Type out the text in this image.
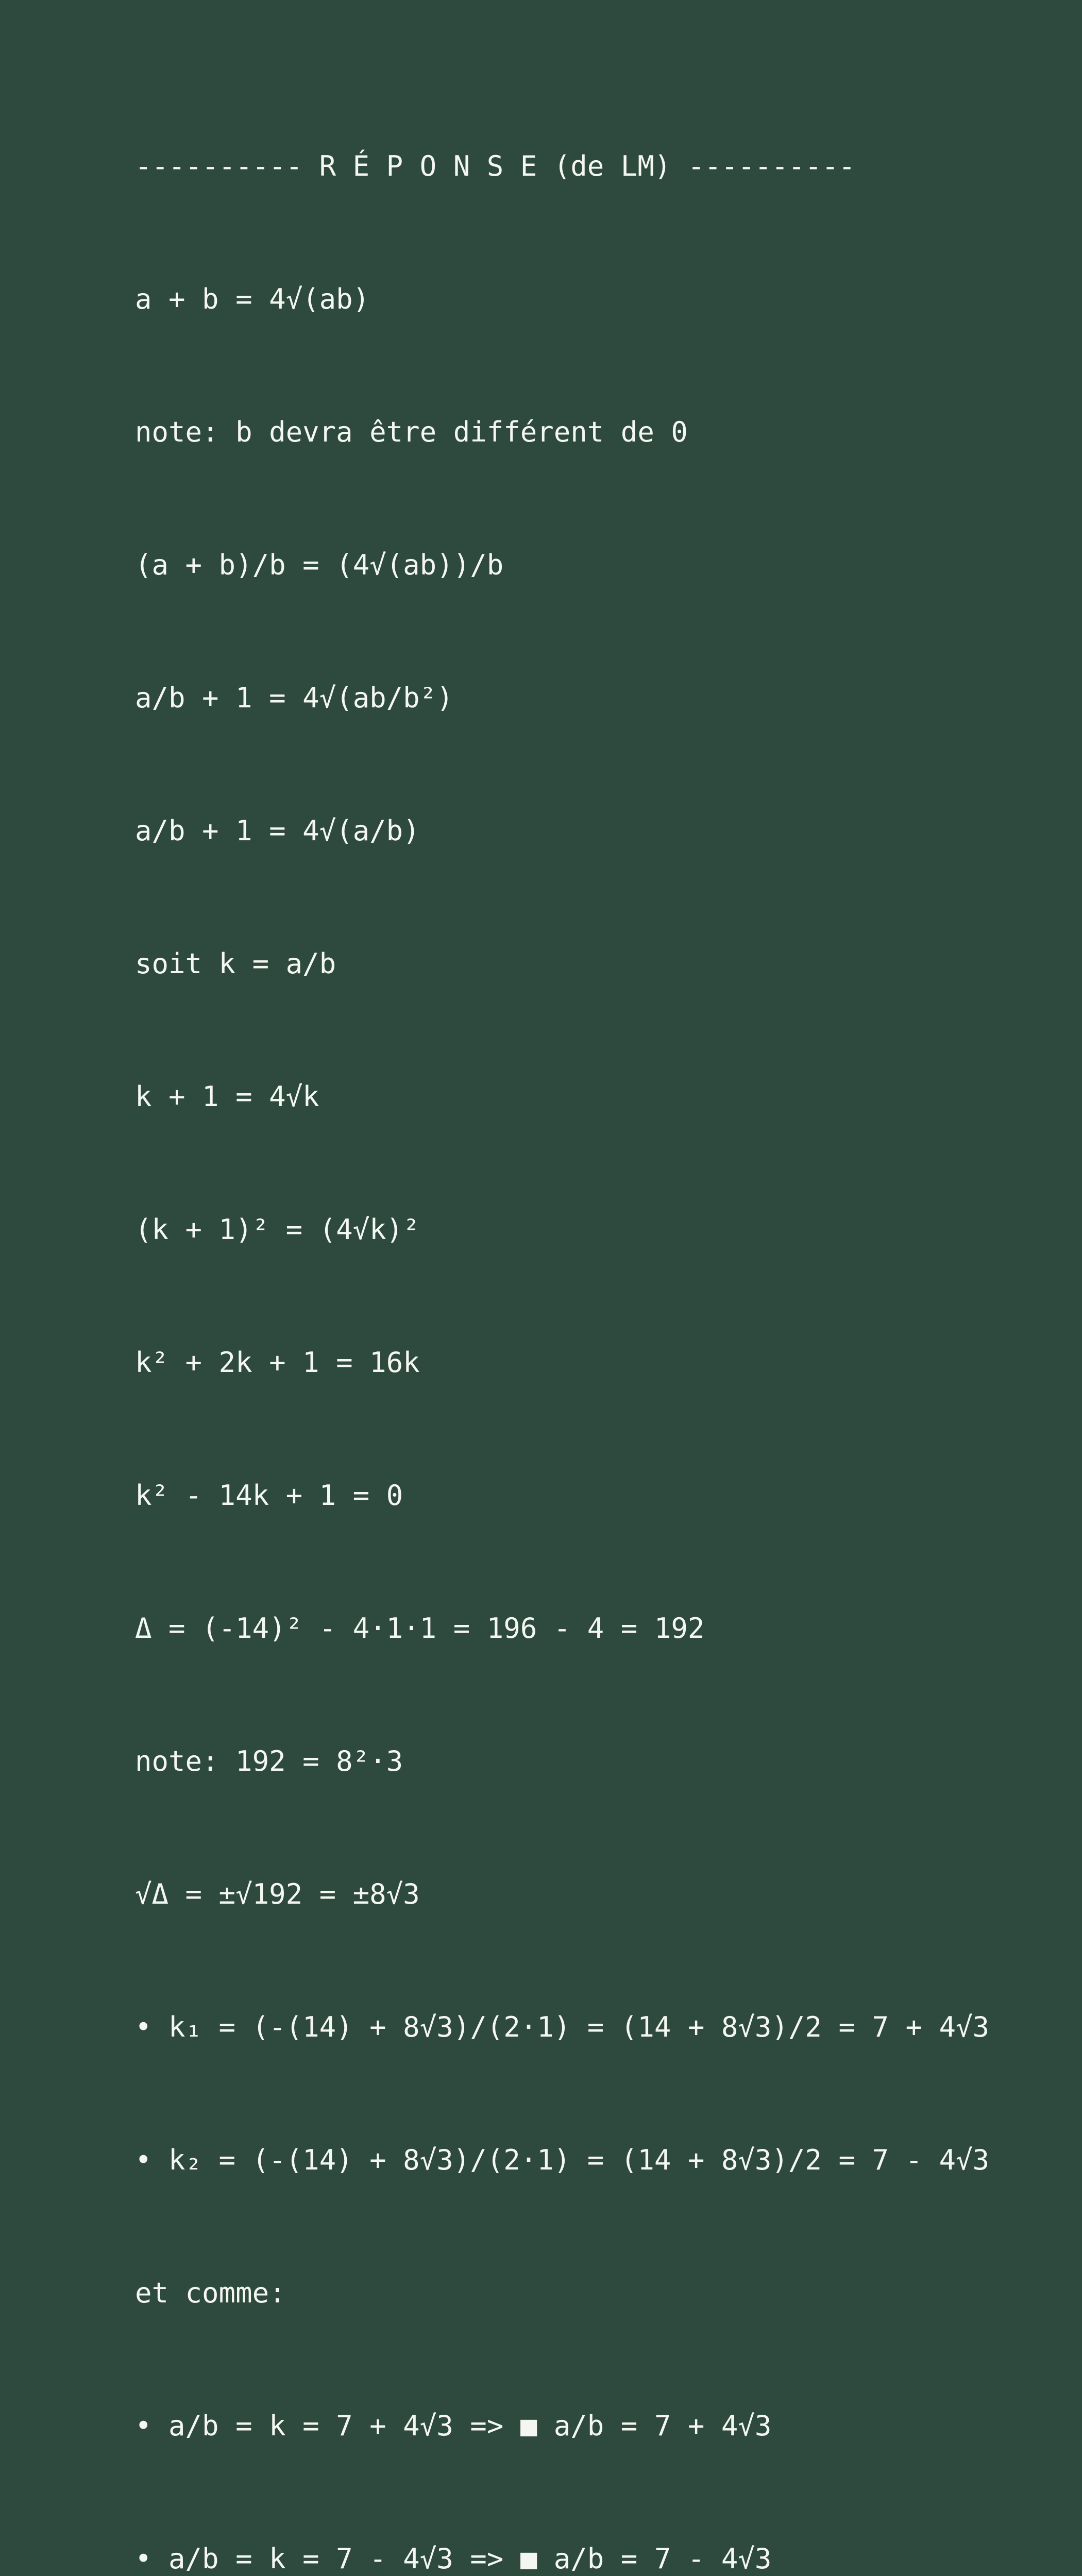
---------- R É P O N S E (de LM) ----------

a + b = 4√(ab)

note: b devra être différent de 0

(a + b)/b = (4√(ab))/b

a/b + 1 = 4√(ab/b²)

a/b + 1 = 4√(a/b)

soit k = a/b

k + 1 = 4√k

(k + 1)² = (4√k)²

k² + 2k + 1 = 16k

k² - 14k + 1 = 0

Δ = (-14)² - 4·1·1 = 196 - 4 = 192

note: 192 = 8²·3

√Δ = ±√192 = ±8√3

• k₁ = (-(14) + 8√3)/(2·1) = (14 + 8√3)/2 = 7 + 4√3

• k₂ = (-(14) + 8√3)/(2·1) = (14 + 8√3)/2 = 7 - 4√3

et comme:

• a/b = k = 7 + 4√3 => ■ a/b = 7 + 4√3

• a/b = k = 7 - 4√3 => ■ a/b = 7 - 4√3
